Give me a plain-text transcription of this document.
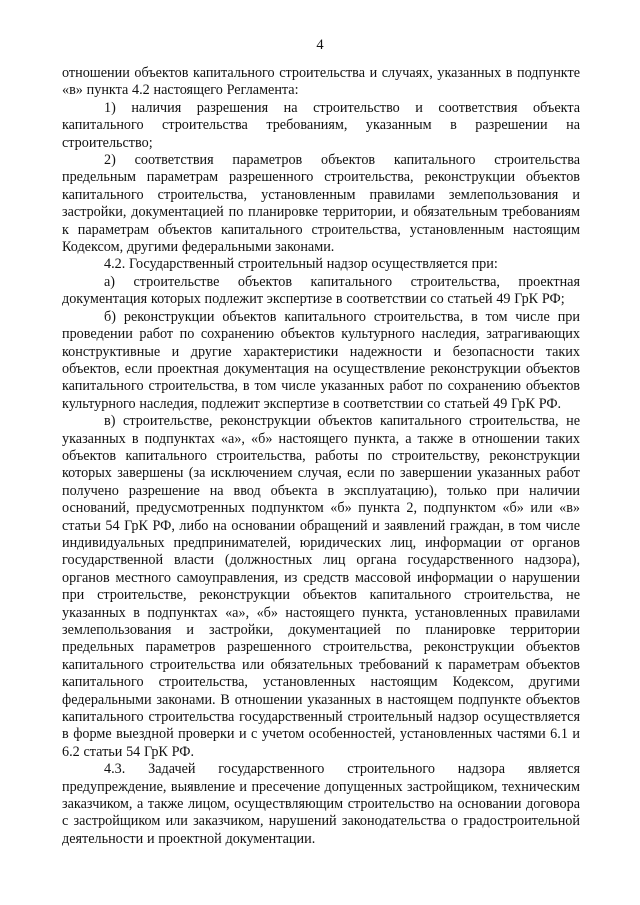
4

отношении объектов капитального строительства и случаях, указанных в подпункте «в» пункта 4.2 настоящего Регламента:

1) наличия разрешения на строительство и соответствия объекта капитального строительства требованиям, указанным в разрешении на строительство;

2) соответствия параметров объектов капитального строительства предельным параметрам разрешенного строительства, реконструкции объектов капитального строительства, установленным правилами землепользования и застройки, документацией по планировке территории, и обязательным требованиям к параметрам объектов капитального строительства, установленным настоящим Кодексом, другими федеральными законами.

4.2. Государственный строительный надзор осуществляется при:

а) строительстве объектов капитального строительства, проектная документация которых подлежит экспертизе в соответствии со статьей 49 ГрК РФ;

б) реконструкции объектов капитального строительства, в том числе при проведении работ по сохранению объектов культурного наследия, затрагивающих конструктивные и другие характеристики надежности и безопасности таких объектов, если проектная документация на осуществление реконструкции объектов капитального строительства, в том числе указанных работ по сохранению объектов культурного наследия, подлежит экспертизе в соответствии со статьей 49 ГрК РФ.

в) строительстве, реконструкции объектов капитального строительства, не указанных в подпунктах «а», «б» настоящего пункта, а также в отношении таких объектов капитального строительства, работы по строительству, реконструкции которых завершены (за исключением случая, если по завершении указанных работ получено разрешение на ввод объекта в эксплуатацию), только при наличии оснований, предусмотренных подпунктом «б» пункта 2, подпунктом «б» или «в» статьи 54 ГрК РФ, либо на основании обращений и заявлений граждан, в том числе индивидуальных предпринимателей, юридических лиц, информации от органов государственной власти (должностных лиц органа государственного надзора), органов местного самоуправления, из средств массовой информации о нарушении при строительстве, реконструкции объектов капитального строительства, не указанных в подпунктах «а», «б» настоящего пункта, установленных правилами землепользования и застройки, документацией по планировке территории предельных параметров разрешенного строительства, реконструкции объектов капитального строительства или обязательных требований к параметрам объектов капитального строительства, установленных настоящим Кодексом, другими федеральными законами. В отношении указанных в настоящем подпункте объектов капитального строительства государственный строительный надзор осуществляется в форме выездной проверки и с учетом особенностей, установленных частями 6.1 и 6.2 статьи 54 ГрК РФ.

4.3. Задачей государственного строительного надзора является предупреждение, выявление и пресечение допущенных застройщиком, техническим заказчиком, а также лицом, осуществляющим строительство на основании договора с застройщиком или заказчиком, нарушений законодательства о градостроительной деятельности и проектной документации.
